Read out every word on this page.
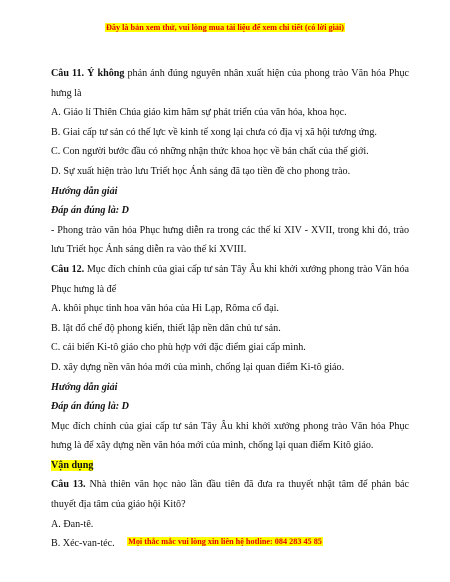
Đây là bản xem thử, vui lòng mua tài liệu để xem chi tiết (có lời giải)

Câu 11. Ý không phản ánh đúng nguyên nhân xuất hiện của phong trào Văn hóa Phục hưng là

A. Giáo lí Thiên Chúa giáo kìm hãm sự phát triển của văn hóa, khoa học.

B. Giai cấp tư sản có thế lực về kinh tế xong lại chưa có địa vị xã hội tương ứng.

C. Con người bước đầu có những nhận thức khoa học về bản chất của thế giới.

D. Sự xuất hiện trào lưu Triết học Ánh sáng đã tạo tiền đề cho phong trào.

Hướng dẫn giải

Đáp án đúng là: D

- Phong trào văn hóa Phục hưng diễn ra trong các thế kỉ XIV - XVII, trong khi đó, trào lưu Triết học Ánh sáng diễn ra vào thế kỉ XVIII.

Câu 12. Mục đích chính của giai cấp tư sản Tây Âu khi khởi xướng phong trào Văn hóa Phục hưng là để

A. khôi phục tinh hoa văn hóa của Hi Lạp, Rôma cổ đại.

B. lật đổ chế độ phong kiến, thiết lập nền dân chủ tư sản.

C. cải biến Ki-tô giáo cho phù hợp với đặc điểm giai cấp mình.

D. xây dựng nền văn hóa mới của mình, chống lại quan điểm Ki-tô giáo.

Hướng dẫn giải

Đáp án đúng là: D

Mục đích chính của giai cấp tư sản Tây Âu khi khởi xướng phong trào Văn hóa Phục hưng là để xây dựng nền văn hóa mới của mình, chống lại quan điểm Kitô giáo.

Vận dụng

Câu 13. Nhà thiên văn học nào lần đầu tiên đã đưa ra thuyết nhật tâm để phản bác thuyết địa tâm của giáo hội Kitô?

A. Đan-tê.

B. Xéc-van-téc.	Mọi thắc mắc vui lòng xin liên hệ hotline: 084 283 45 85
